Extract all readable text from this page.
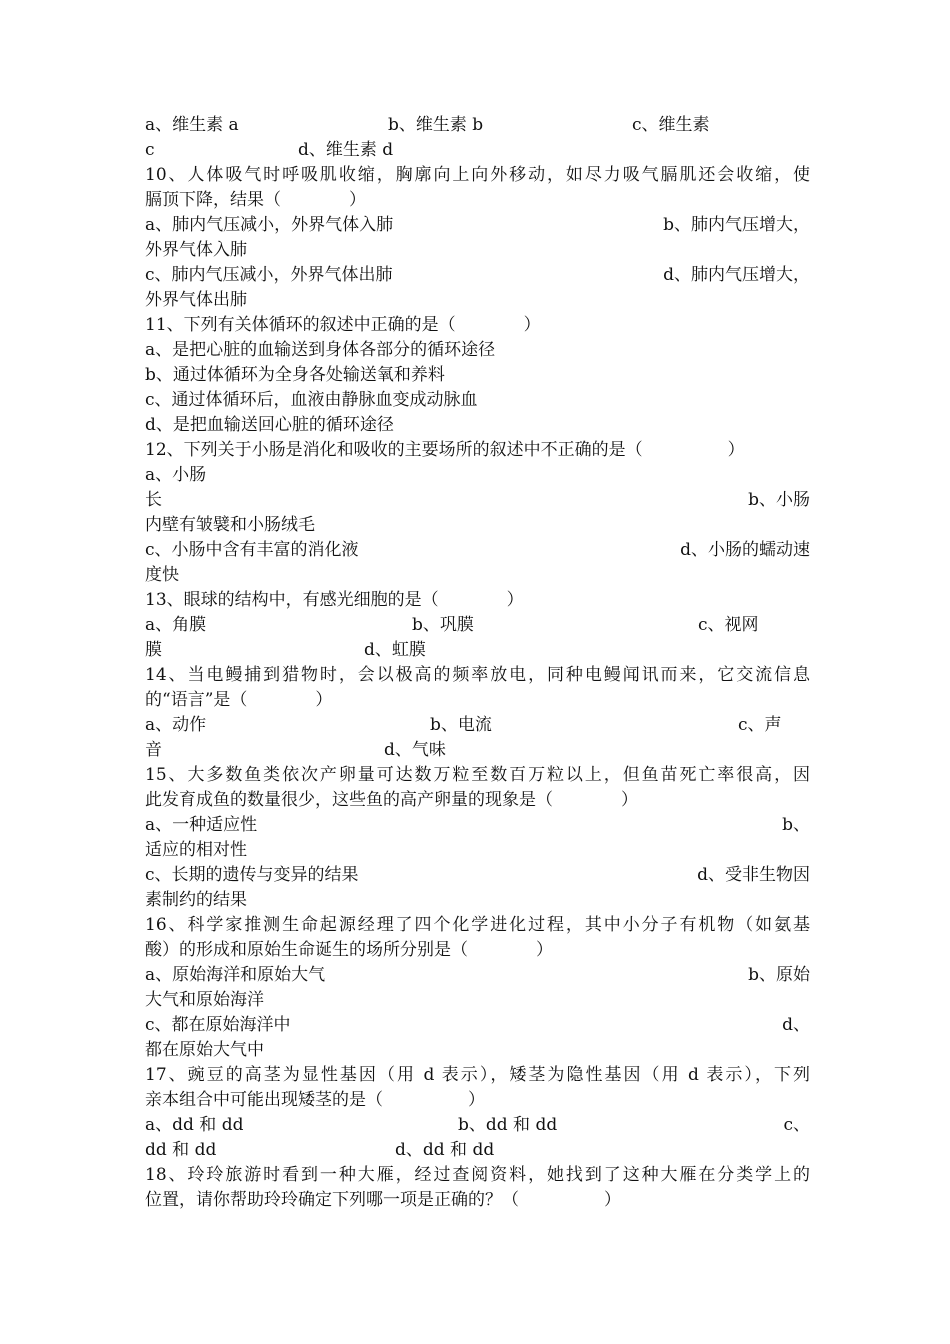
a、维生素 a

	b、维生素 b

	c、维生素

c

	d、维生素 d

10、人体吸气时呼吸肌收缩，胸廓向上向外移动，如尽力吸气膈肌还会收缩，使
膈顶下降，结果（　　　　）

a、肺内气压减小，外界气体入肺

	b、肺内气压增大，

外界气体入肺

c、肺内气压减小，外界气体出肺

	d、肺内气压增大，

外界气体出肺
11、下列有关体循环的叙述中正确的是（　　　　）
a、是把心脏的血输送到身体各部分的循环途径
b、通过体循环为全身各处输送氧和养料
c、通过体循环后，血液由静脉血变成动脉血
d、是把血输送回心脏的循环途径
12、下列关于小肠是消化和吸收的主要场所的叙述中不正确的是（　　　　　）
a、小肠

长

	b、小肠

内壁有皱襞和小肠绒毛

c、小肠中含有丰富的消化液

	d、小肠的蠕动速

度快
13、眼球的结构中，有感光细胞的是（　　　　）

a、角膜

	b、巩膜

	c、视网

膜

	d、虹膜

14、当电鳗捕到猎物时，会以极高的频率放电，同种电鳗闻讯而来，它交流信息
的“语言”是（　　　　）

a、动作

	b、电流

	c、声

音

	d、气味

15、大多数鱼类依次产卵量可达数万粒至数百万粒以上，但鱼苗死亡率很高，因
此发育成鱼的数量很少，这些鱼的高产卵量的现象是（　　　　）

a、一种适应性

	b、

适应的相对性

c、长期的遗传与变异的结果

	d、受非生物因

素制约的结果
16、科学家推测生命起源经理了四个化学进化过程，其中小分子有机物（如氨基
酸）的形成和原始生命诞生的场所分别是（　　　　）

a、原始海洋和原始大气

	b、原始

大气和原始海洋

c、都在原始海洋中

	d、

都在原始大气中
17、豌豆的高茎为显性基因（用 d 表示），矮茎为隐性基因（用 d 表示），下列
亲本组合中可能出现矮茎的是（　　　　　）

a、dd 和 dd

	b、dd 和 dd

	c、

dd 和 dd

	d、dd 和 dd

18、玲玲旅游时看到一种大雁，经过查阅资料，她找到了这种大雁在分类学上的
位置，请你帮助玲玲确定下列哪一项是正确的？（　　　　　）
